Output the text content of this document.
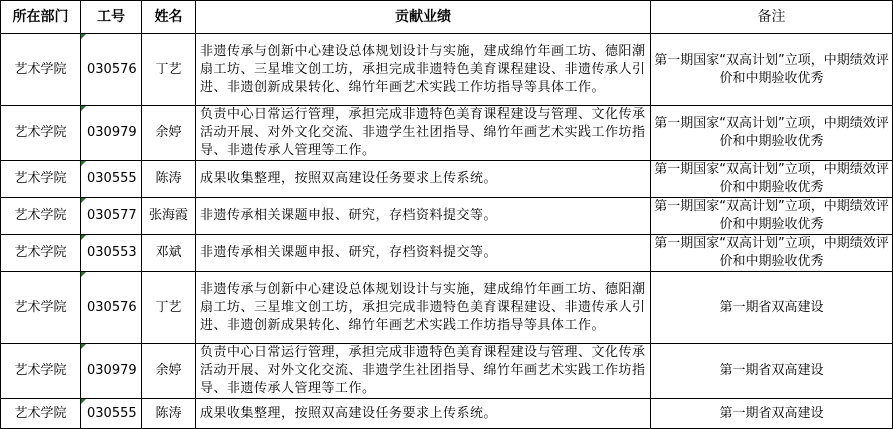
所在部门	工号	姓名	贡献业绩	备注
艺术学院	030576	丁艺	非遗传承与创新中心建设总体规划设计与实施，建成绵竹年画工坊、德阳潮扇工坊、三星堆文创工坊，承担完成非遗特色美育课程建设、非遗传承人引进、非遗创新成果转化、绵竹年画艺术实践工作坊指导等具体工作。	第一期国家“双高计划”立项，中期绩效评价和中期验收优秀
艺术学院	030979	余婷	负责中心日常运行管理，承担完成非遗特色美育课程建设与管理、文化传承活动开展、对外文化交流、非遗学生社团指导、绵竹年画艺术实践工作坊指导、非遗传承人管理等工作。	第一期国家“双高计划”立项，中期绩效评价和中期验收优秀
艺术学院	030555	陈涛	成果收集整理，按照双高建设任务要求上传系统。	第一期国家“双高计划”立项，中期绩效评价和中期验收优秀
艺术学院	030577	张海霞	非遗传承相关课题申报、研究，存档资料提交等。	第一期国家“双高计划”立项，中期绩效评价和中期验收优秀
艺术学院	030553	邓斌	非遗传承相关课题申报、研究，存档资料提交等。	第一期国家“双高计划”立项，中期绩效评价和中期验收优秀
艺术学院	030576	丁艺	非遗传承与创新中心建设总体规划设计与实施，建成绵竹年画工坊、德阳潮扇工坊、三星堆文创工坊，承担完成非遗特色美育课程建设、非遗传承人引进、非遗创新成果转化、绵竹年画艺术实践工作坊指导等具体工作。	第一期省双高建设
艺术学院	030979	余婷	负责中心日常运行管理，承担完成非遗特色美育课程建设与管理、文化传承活动开展、对外文化交流、非遗学生社团指导、绵竹年画艺术实践工作坊指导、非遗传承人管理等工作。	第一期省双高建设
艺术学院	030555	陈涛	成果收集整理，按照双高建设任务要求上传系统。	第一期省双高建设
